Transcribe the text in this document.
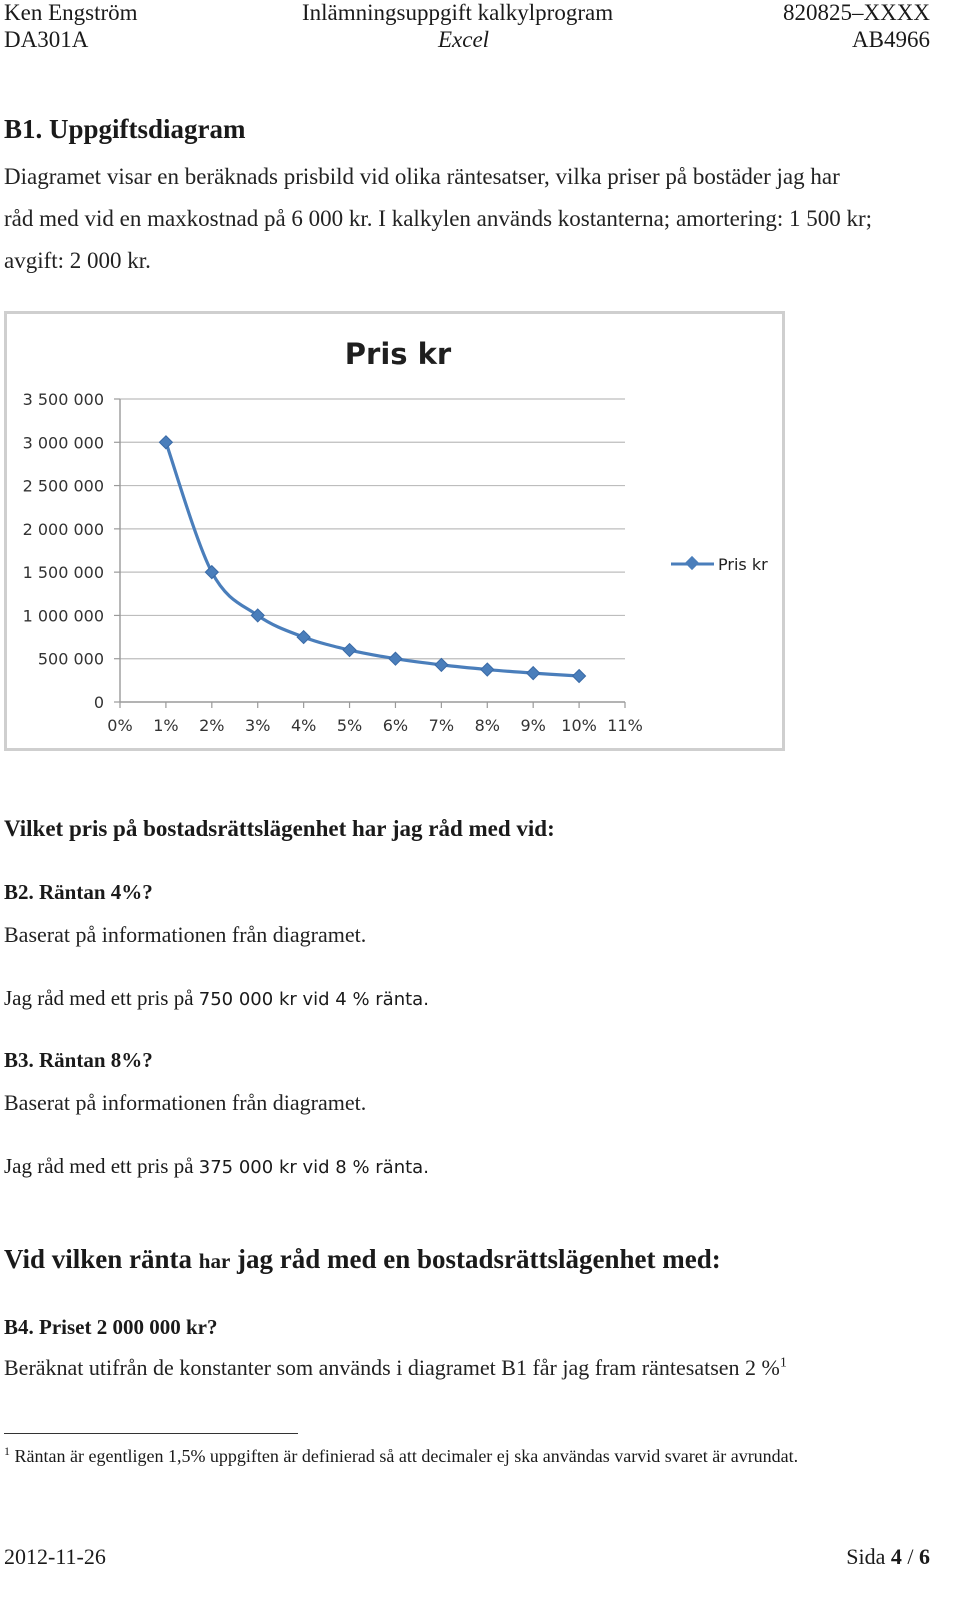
Ken Engström
DA301A
Inlämningsuppgift kalkylprogram
Excel
820825–XXXX
AB4966
B1. Uppgiftsdiagram
Diagramet visar en beräknads prisbild vid olika räntesatser, vilka priser på bostäder jag har
råd med vid en maxkostnad på 6 000 kr. I kalkylen används kostanterna; amortering: 1 500 kr;
avgift: 2 000 kr.
0
500 000
1 000 000
1 500 000
2 000 000
2 500 000
3 000 000
3 500 000
0% 1% 2% 3% 4% 5% 6% 7% 8% 9% 10% 11%
Pris kr
Pris kr
Vilket pris på bostadsrättslägenhet har jag råd med vid:
B2. Räntan 4%?
Baserat på informationen från diagramet.
Jag råd med ett pris på 750 000 kr vid 4 % ränta.
B3. Räntan 8%?
Baserat på informationen från diagramet.
Jag råd med ett pris på 375 000 kr vid 8 % ränta.
Vid vilken ränta har jag råd med en bostadsrättslägenhet med:
B4. Priset 2 000 000 kr?
Beräknat utifrån de konstanter som används i diagramet B1 får jag fram räntesatsen 2 %$^1$
$^1$ Räntan är egentligen 1,5% uppgiften är definierad så att decimaler ej ska användas varvid svaret är avrundat.
2012-11-26	Sida 4 / 6
